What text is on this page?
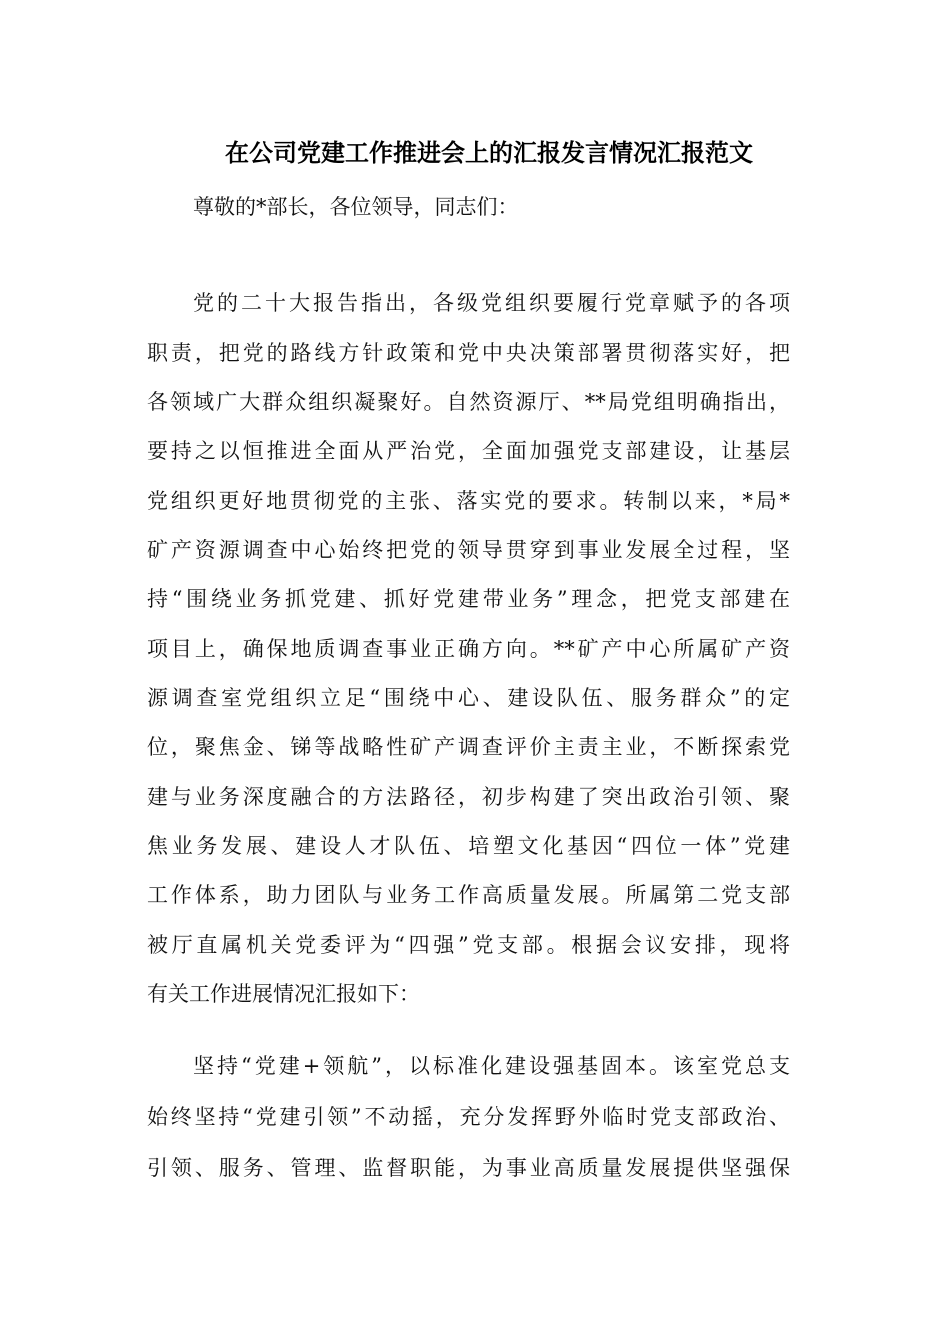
在公司党建工作推进会上的汇报发言情况汇报范文
尊敬的*部长，各位领导，同志们：
党的二十大报告指出，各级党组织要履行党章赋予的各项
职责，把党的路线方针政策和党中央决策部署贯彻落实好，把
各领域广大群众组织凝聚好。自然资源厅、**局党组明确指出，
要持之以恒推进全面从严治党，全面加强党支部建设，让基层
党组织更好地贯彻党的主张、落实党的要求。转制以来，*局*
矿产资源调查中心始终把党的领导贯穿到事业发展全过程，坚
持“围绕业务抓党建、抓好党建带业务”理念，把党支部建在
项目上，确保地质调查事业正确方向。**矿产中心所属矿产资
源调查室党组织立足“围绕中心、建设队伍、服务群众”的定
位，聚焦金、锑等战略性矿产调查评价主责主业，不断探索党
建与业务深度融合的方法路径，初步构建了突出政治引领、聚
焦业务发展、建设人才队伍、培塑文化基因“四位一体”党建
工作体系，助力团队与业务工作高质量发展。所属第二党支部
被厅直属机关党委评为“四强”党支部。根据会议安排，现将
有关工作进展情况汇报如下：
坚持“党建+领航”，以标准化建设强基固本。该室党总支
始终坚持“党建引领”不动摇，充分发挥野外临时党支部政治、
引领、服务、管理、监督职能，为事业高质量发展提供坚强保
